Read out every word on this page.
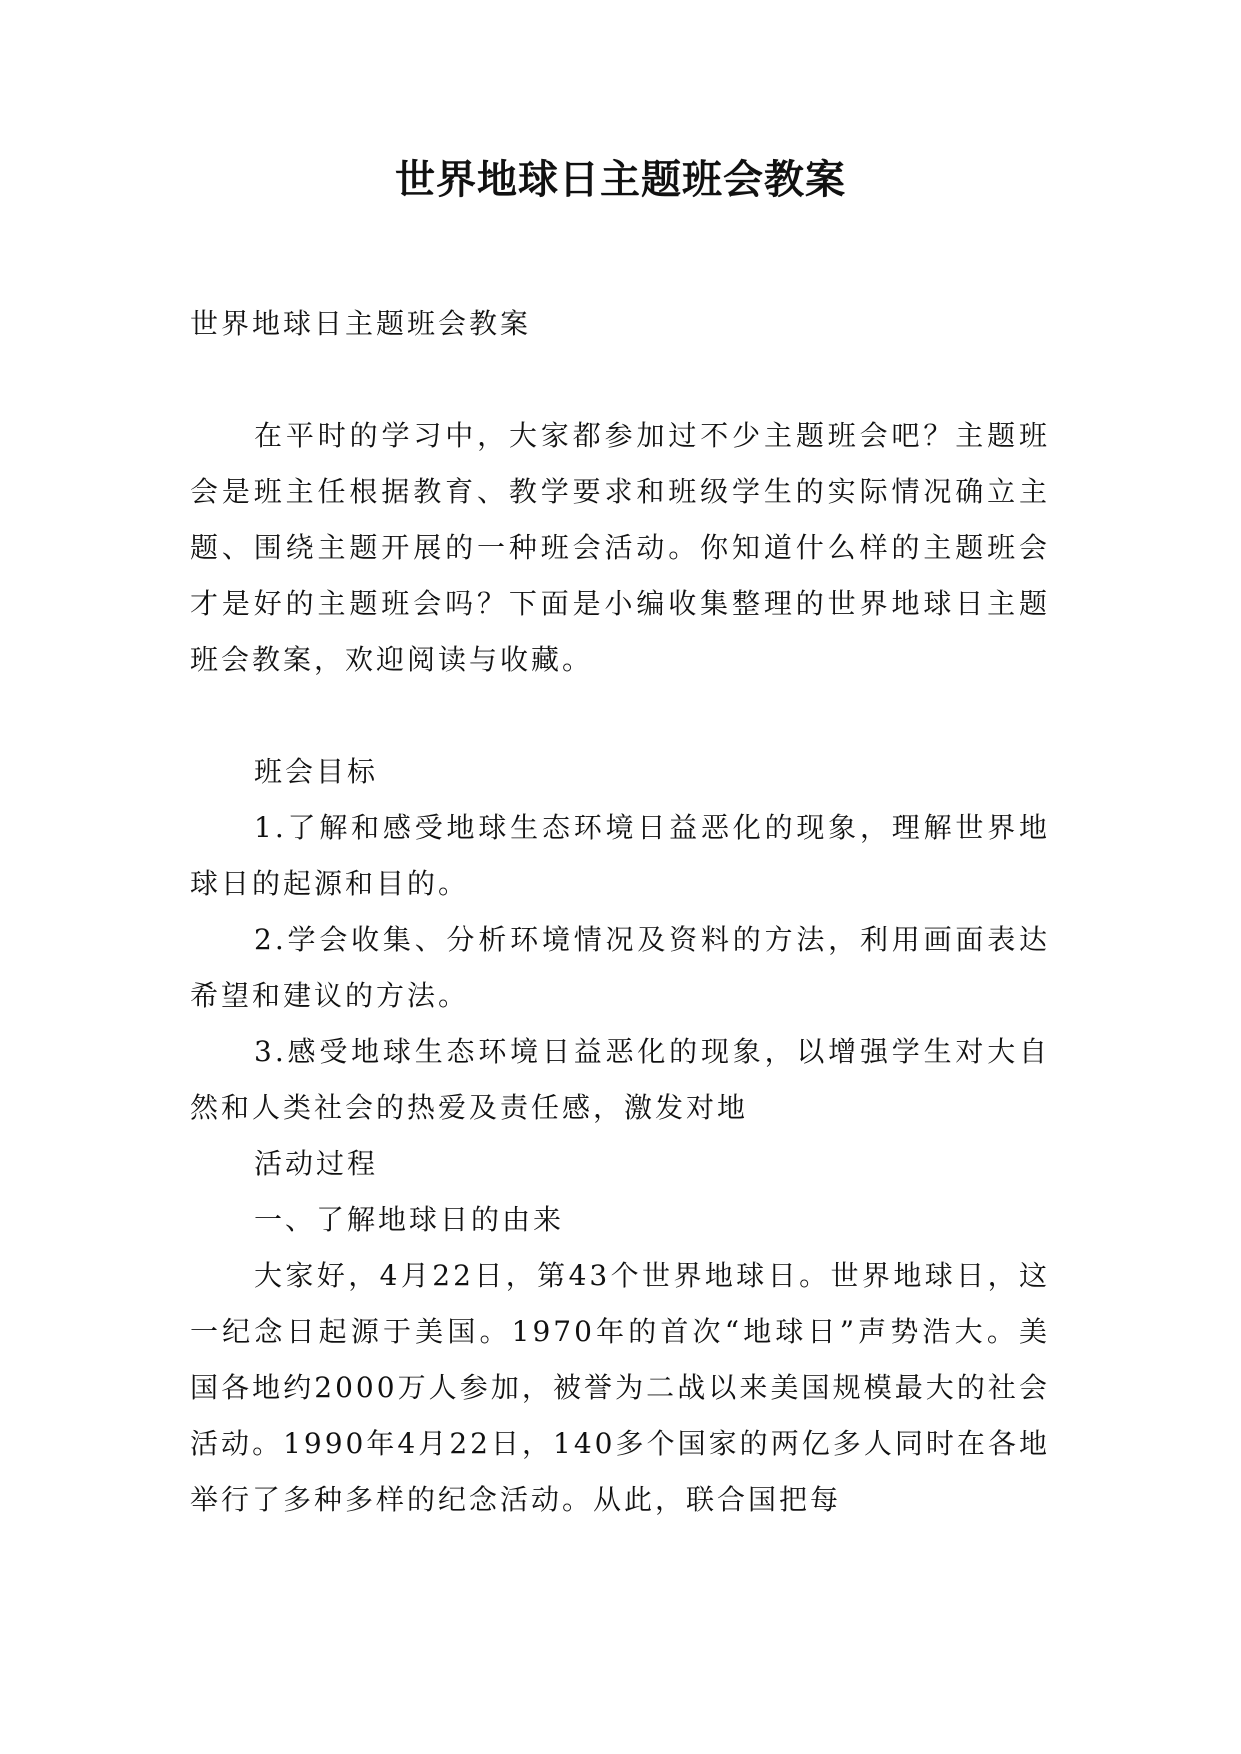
世界地球日主题班会教案

世界地球日主题班会教案

在平时的学习中，大家都参加过不少主题班会吧？主题班会是班主任根据教育、教学要求和班级学生的实际情况确立主题、围绕主题开展的一种班会活动。你知道什么样的主题班会才是好的主题班会吗？下面是小编收集整理的世界地球日主题班会教案，欢迎阅读与收藏。

班会目标

1.了解和感受地球生态环境日益恶化的现象，理解世界地球日的起源和目的。

2.学会收集、分析环境情况及资料的方法，利用画面表达希望和建议的方法。

3.感受地球生态环境日益恶化的现象，以增强学生对大自然和人类社会的热爱及责任感，激发对地

活动过程

一、了解地球日的由来

大家好，4月22日，第43个世界地球日。世界地球日，这一纪念日起源于美国。1970年的首次“地球日”声势浩大。美国各地约2000万人参加，被誉为二战以来美国规模最大的社会活动。1990年4月22日，140多个国家的两亿多人同时在各地举行了多种多样的纪念活动。从此，联合国把每
